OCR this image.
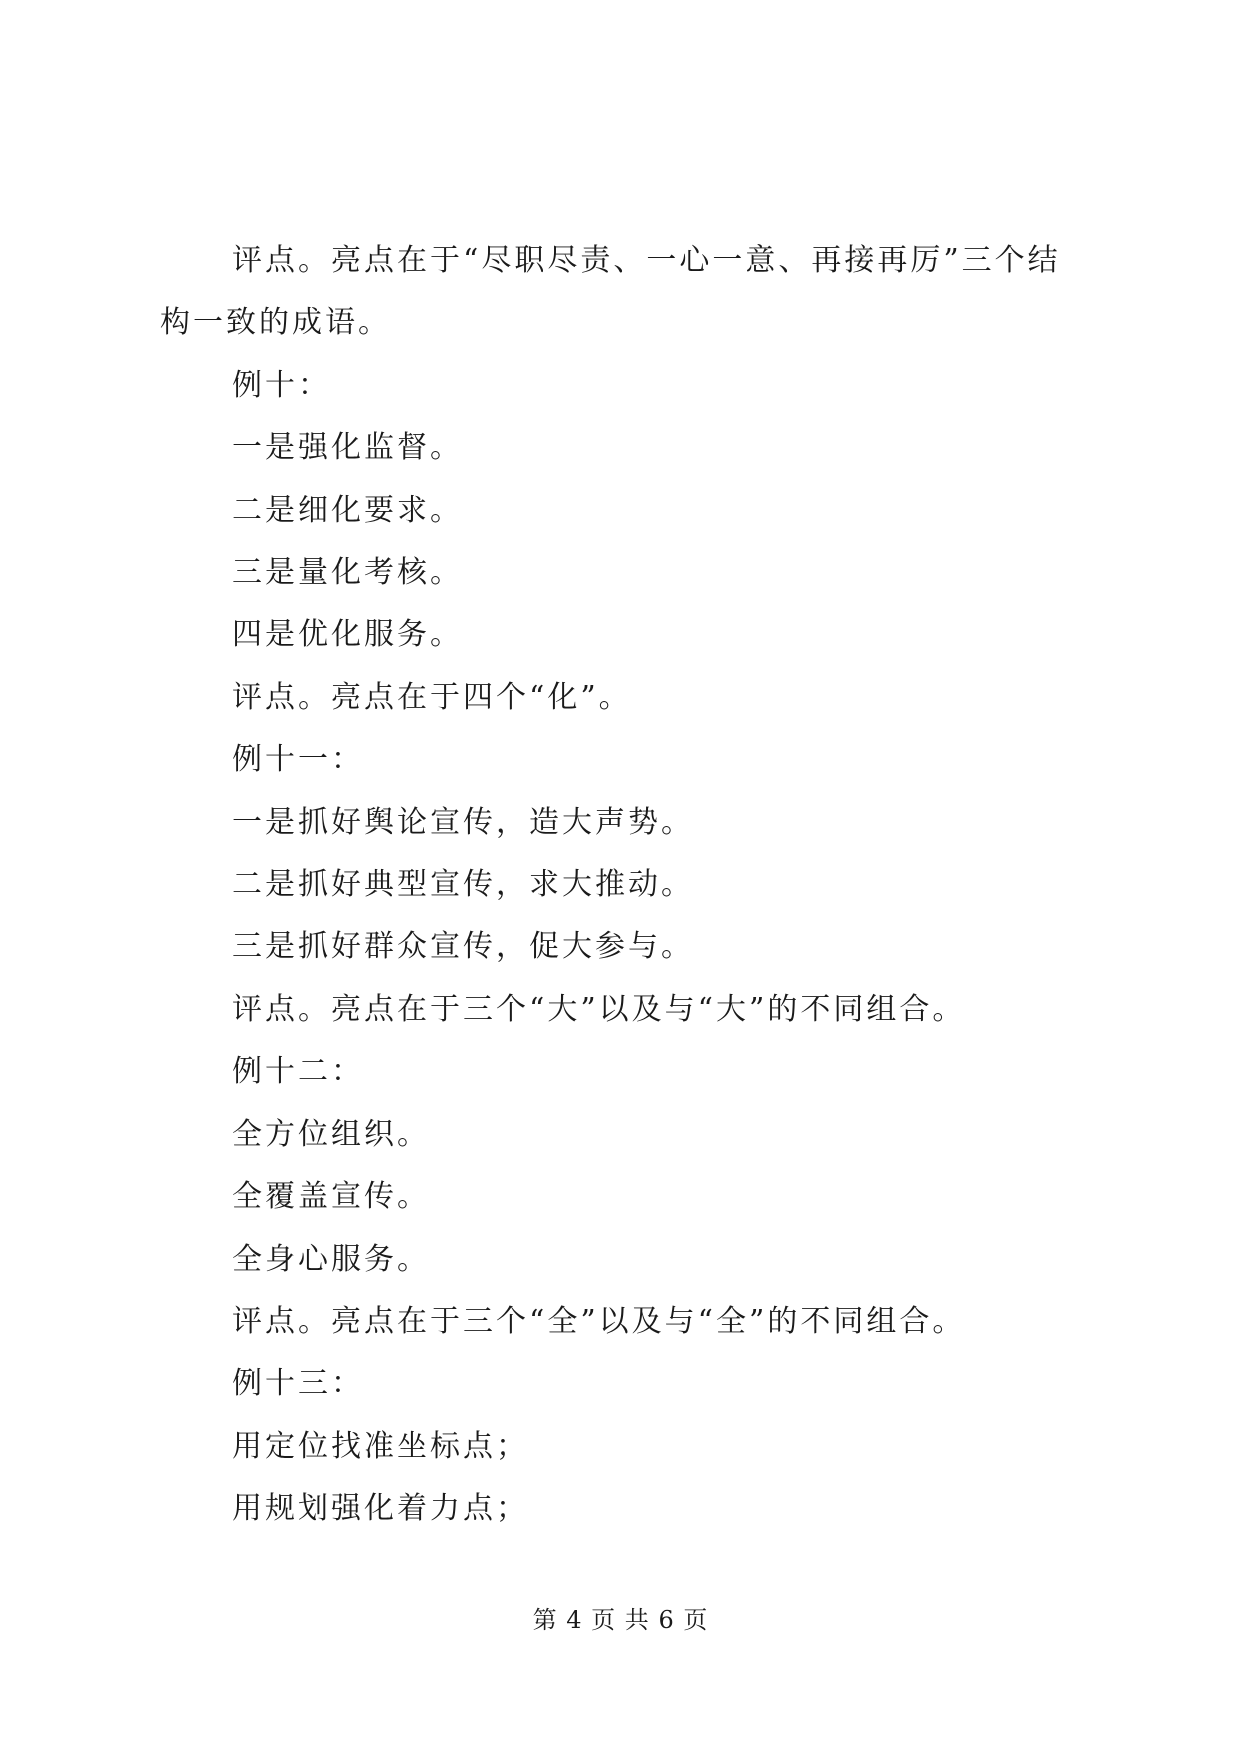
评点。亮点在于“尽职尽责、一心一意、再接再厉”三个结构一致的成语。

例十：

一是强化监督。

二是细化要求。

三是量化考核。

四是优化服务。

评点。亮点在于四个“化”。

例十一：

一是抓好舆论宣传，造大声势。

二是抓好典型宣传，求大推动。

三是抓好群众宣传，促大参与。

评点。亮点在于三个“大”以及与“大”的不同组合。

例十二：

全方位组织。

全覆盖宣传。

全身心服务。

评点。亮点在于三个“全”以及与“全”的不同组合。

例十三：

用定位找准坐标点；

用规划强化着力点；

第 4 页 共 6 页
